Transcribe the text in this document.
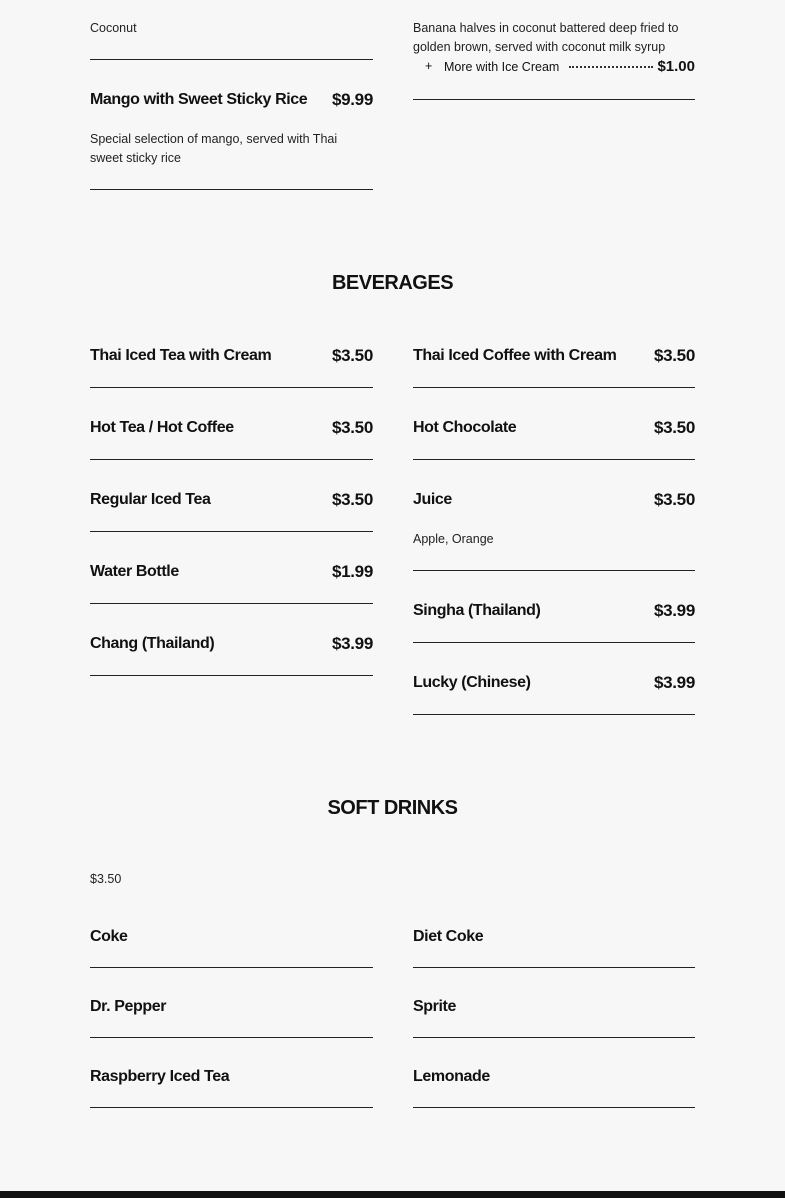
Coconut	Banana halves in coconut battered deep fried to golden brown, served with coconut milk syrup
+ More with Ice Cream	$1.00
Mango with Sweet Sticky Rice $9.99
Special selection of mango, served with Thai sweet sticky rice
BEVERAGES
Thai Iced Tea with Cream	$3.50
Hot Tea / Hot Coffee	$3.50
Regular Iced Tea	$3.50
Water Bottle	$1.99
Chang (Thailand)	$3.99
Thai Iced Coffee with Cream $3.50
Hot Chocolate	$3.50
Juice	$3.50
Apple, Orange
Singha (Thailand)	$3.99
Lucky (Chinese)	$3.99
SOFT DRINKS
$3.50
Coke
Dr. Pepper
Raspberry Iced Tea
Diet Coke
Sprite
Lemonade
